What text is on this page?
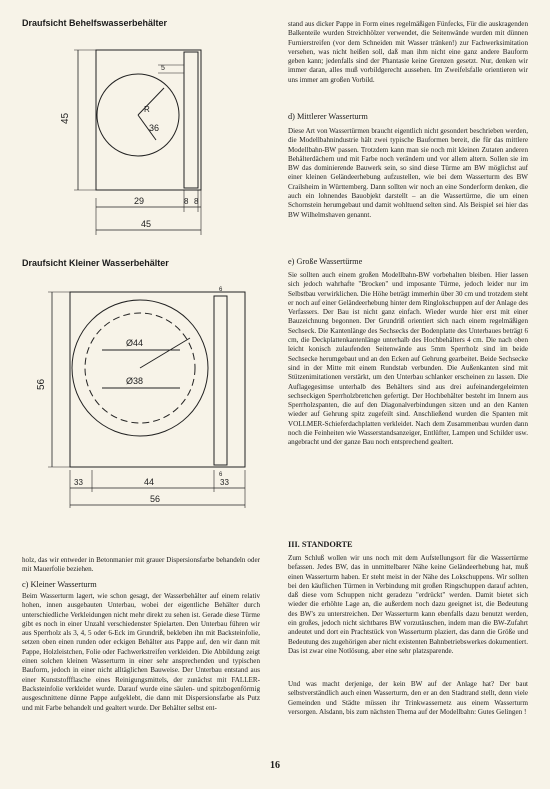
Draufsicht Behelfswasserbehälter

45
R
36
5
29	8 8
45

Draufsicht Kleiner Wasserbehälter

56
Ø44
Ø38
33	44	33
56
6
6

holz, das wir entweder in Betonmanier mit grauer Dispersionsfarbe behandeln oder mit Mauerfolie beziehen.

c) Kleiner Wasserturm

Beim Wasserturm lagert, wie schon gesagt, der Wasserbehälter auf einem relativ hohen, innen ausgebauten Unterbau, wobei der eigentliche Behälter durch unterschiedliche Verkleidungen nicht mehr direkt zu sehen ist. Gerade diese Türme gibt es noch in einer Unzahl verschiedenster Spielarten. Den Unterbau führen wir aus Sperrholz als 3, 4, 5 oder 6-Eck im Grundriß, bekleben ihn mit Backsteinfolie, setzen oben einen runden oder eckigen Behälter aus Pappe auf, den wir dann mit Pappe, Holzleistchen, Folie oder Fachwerkstreifen verkleiden. Die Abbildung zeigt einen solchen kleinen Wasserturm in einer sehr ansprechenden und typischen Bauform, jedoch in einer nicht alltäglichen Bauweise. Der Unterbau entstand aus einer Kunststoffflasche eines Reinigungsmittels, der zunächst mit FALLER-Backsteinfolie verkleidet wurde. Darauf wurde eine säulen- und spitzbogenförmig ausgeschnittene dünne Pappe aufgeklebt, die dann mit Dispersionsfarbe als Putz und mit Farbe behandelt und gealtert wurde. Der Behälter selbst ent-

stand aus dicker Pappe in Form eines regelmäßigen Fünfecks, Für die auskragenden Balkenteile wurden Streichhölzer verwendet, die Seitenwände wurden mit dünnen Furnierstreifen (vor dem Schneiden mit Wasser tränken!) zur Fachwerksimitation versehen, was nicht heißen soll, daß man ihm nicht eine ganz andere Bauform geben kann; jedenfalls sind der Phantasie keine Grenzen gesetzt. Nur, denken wir immer daran, alles muß vorbildgerecht aussehen. Im Zweifelsfalle orientieren wir uns immer am großen Vorbild.

d) Mittlerer Wasserturm

Diese Art von Wassertürmen braucht eigentlich nicht gesondert beschrieben werden, die Modellbahnindustrie hält zwei typische Bauformen bereit, die für das mittlere Modellbahn-BW passen. Trotzdem kann man sie noch mit kleinen Zutaten anderen Behälterdächern und mit Farbe noch verändern und vor allem altern. Sollen sie im BW das dominierende Bauwerk sein, so sind diese Türme am BW möglichst auf einer kleinen Geländeerhebung aufzustellen, wie bei dem Wasserturm des BW Crailsheim in Württemberg. Dann sollten wir noch an eine Sonderform denken, die auch ein lohnendes Bauobjekt darstellt – an die Wassertürme, die um einen Schornstein herumgebaut und damit wohltuend selten sind. Als Beispiel sei hier das BW Wilhelmshaven genannt.

e) Große Wassertürme

Sie sollten auch einem großen Modellbahn-BW vorbehalten bleiben. Hier lassen sich jedoch wahrhafte "Brocken" und imposante Türme, jedoch leider nur im Selbstbau verwirklichen. Die Höhe beträgt immerhin über 30 cm und trotzdem steht er noch auf einer Geländeerhebung hinter dem Ringlokschuppen auf der Anlage des Verfassers. Der Bau ist nicht ganz einfach. Wieder wurde hier erst mit einer Bauzeichnung begonnen. Der Grundriß orientiert sich nach einem regelmäßigen Sechseck. Die Kantenlänge des Sechsecks der Bodenplatte des Unterbaues beträgt 6 cm, die Deckplattenkantenlänge unterhalb des Hochbehälters 4 cm. Die nach oben leicht konisch zulaufenden Seitenwände aus 5mm Sperrholz sind im beide Sechsecke herumgebaut und an den Ecken auf Gehrung gearbeitet. Beide Sechsecke sind in der Mitte mit einem Rundstab verbunden. Die Außenkanten sind mit Stützenimitationen verstärkt, um den Unterbau schlanker erscheinen zu lassen. Die Auflagegesimse unterhalb des Behälters sind aus drei aufeinandergeleimten sechseckigen Sperrholzbrettchen gefertigt. Der Hochbehälter besteht im Innern aus Sperrholzspanten, die auf den Diagonalverbindungen sitzen und an den Kanten wieder auf Gehrung spitz zugefeilt sind. Anschließend wurden die Spanten mit VOLLMER-Schieferdachplatten verkleidet. Nach dem Zusammenbau wurden dann noch die Feinheiten wie Wasserstandsanzeiger, Entlüfter, Lampen und Schilder usw. angebracht und der ganze Bau noch entsprechend gealtert.

III. STANDORTE

Zum Schluß wollen wir uns noch mit dem Aufstellungsort für die Wassertürme befassen. Jedes BW, das in unmittelbarer Nähe keine Geländeerhebung hat, muß einen Wasserturm haben. Er steht meist in der Nähe des Lokschuppens. Wir sollten bei den käuflichen Türmen in Verbindung mit großen Ringschuppen darauf achten, daß diese vom Schuppen nicht geradezu "erdrückt" werden. Damit bietet sich wieder die erhöhte Lage an, die außerdem noch dazu geeignet ist, die Bedeutung des BW's zu unterstreichen. Der Wasserturm kann ebenfalls dazu benutzt werden, ein großes, jedoch nicht sichtbares BW vorzutäuschen, indem man die BW-Zufahrt andeutet und dort ein Prachtstück von Wasserturm plaziert, das dann die Größe und Bedeutung des zugehörigen aber nicht existenten Bahnbetriebswerkes dokumentiert. Das ist zwar eine Notlösung, aber eine sehr platzsparende.

Und was macht derjenige, der kein BW auf der Anlage hat? Der baut selbstverständlich auch einen Wasserturm, den er an den Stadtrand stellt, denn viele Gemeinden und Städte müssen ihr Trinkwassernetz aus einem Wasserturm versorgen. Alsdann, bis zum nächsten Thema auf der Modellbahn: Gutes Gelingen !

16
